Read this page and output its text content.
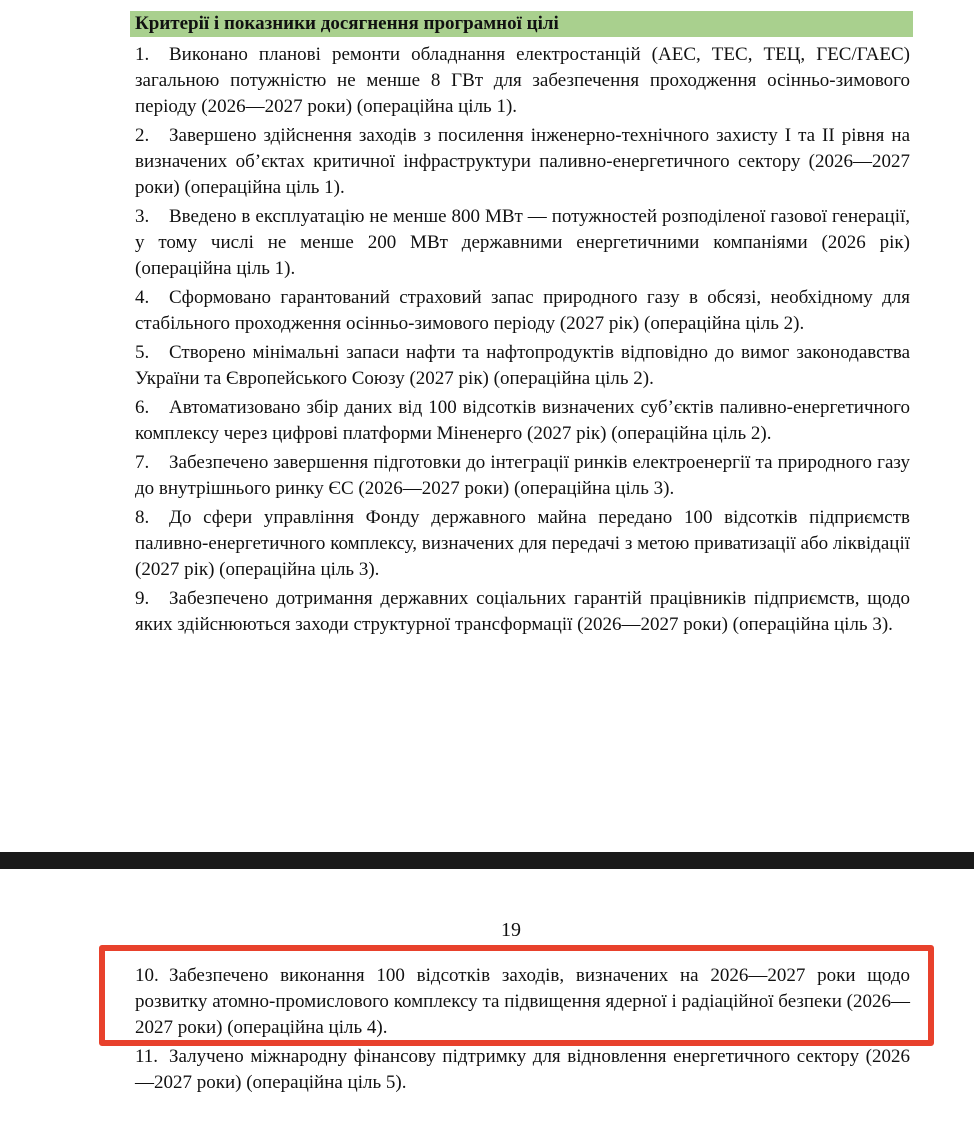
Критерії і показники досягнення програмної цілі

1. Виконано планові ремонти обладнання електростанцій (АЕС, ТЕС, ТЕЦ, ГЕС/ГАЕС) загальною потужністю не менше 8 ГВт для забезпечення проходження осінньо-зимового періоду (2026—2027 роки) (операційна ціль 1).

2. Завершено здійснення заходів з посилення інженерно-технічного захисту I та II рівня на визначених об’єктах критичної інфраструктури паливно-енергетичного сектору (2026—2027 роки) (операційна ціль 1).

3. Введено в експлуатацію не менше 800 МВт — потужностей розподіленої газової генерації, у тому числі не менше 200 МВт державними енергетичними компаніями (2026 рік) (операційна ціль 1).

4. Сформовано гарантований страховий запас природного газу в обсязі, необхідному для стабільного проходження осінньо-зимового періоду (2027 рік) (операційна ціль 2).

5. Створено мінімальні запаси нафти та нафтопродуктів відповідно до вимог законодавства України та Європейського Союзу (2027 рік) (операційна ціль 2).

6. Автоматизовано збір даних від 100 відсотків визначених суб’єктів паливно-енергетичного комплексу через цифрові платформи Міненерго (2027 рік) (операційна ціль 2).

7. Забезпечено завершення підготовки до інтеграції ринків електроенергії та природного газу до внутрішнього ринку ЄС (2026—2027 роки) (операційна ціль 3).

8. До сфери управління Фонду державного майна передано 100 відсотків підприємств паливно-енергетичного комплексу, визначених для передачі з метою приватизації або ліквідації (2027 рік) (операційна ціль 3).

9. Забезпечено дотримання державних соціальних гарантій працівників підприємств, щодо яких здійснюються заходи структурної трансформації (2026—2027 роки) (операційна ціль 3).

19

10. Забезпечено виконання 100 відсотків заходів, визначених на 2026—2027 роки щодо розвитку атомно-промислового комплексу та підвищення ядерної і радіаційної безпеки (2026—2027 роки) (операційна ціль 4).

11. Залучено міжнародну фінансову підтримку для відновлення енергетичного сектору (2026—2027 роки) (операційна ціль 5).
